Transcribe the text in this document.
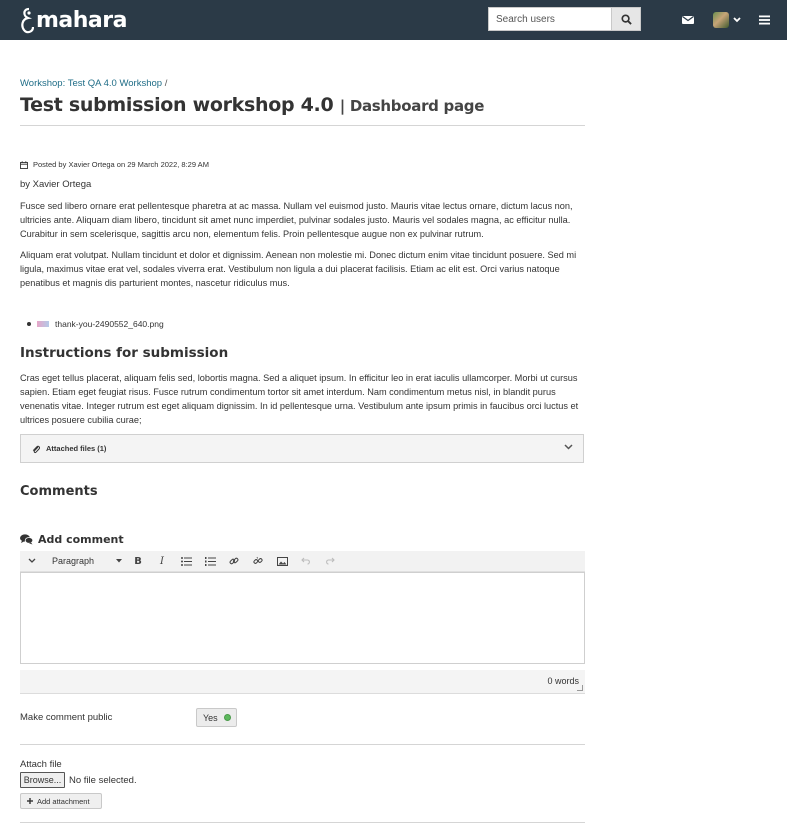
mahara
Search users
Workshop: Test QA 4.0 Workshop /
Test submission workshop 4.0 | Dashboard page
Posted by Xavier Ortega on 29 March 2022, 8:29 AM
by Xavier Ortega
Fusce sed libero ornare erat pellentesque pharetra at ac massa. Nullam vel euismod justo. Mauris vitae lectus ornare, dictum lacus non, ultricies ante. Aliquam diam libero, tincidunt sit amet nunc imperdiet, pulvinar sodales justo. Mauris vel sodales magna, ac efficitur nulla. Curabitur in sem scelerisque, sagittis arcu non, elementum felis. Proin pellentesque augue non ex pulvinar rutrum.
Aliquam erat volutpat. Nullam tincidunt et dolor et dignissim. Aenean non molestie mi. Donec dictum enim vitae tincidunt posuere. Sed mi ligula, maximus vitae erat vel, sodales viverra erat. Vestibulum non ligula a dui placerat facilisis. Etiam ac elit est. Orci varius natoque penatibus et magnis dis parturient montes, nascetur ridiculus mus.
thank-you-2490552_640.png
Instructions for submission
Cras eget tellus placerat, aliquam felis sed, lobortis magna. Sed a aliquet ipsum. In efficitur leo in erat iaculis ullamcorper. Morbi ut cursus sapien. Etiam eget feugiat risus. Fusce rutrum condimentum tortor sit amet interdum. Nam condimentum metus nisl, in blandit purus venenatis vitae. Integer rutrum est eget aliquam dignissim. In id pellentesque urna. Vestibulum ante ipsum primis in faucibus orci luctus et ultrices posuere cubilia curae;
Attached files (1)
Comments
Add comment
Paragraph	B I
0 words
Make comment public	Yes
Attach file
Browse... No file selected.
Add attachment
